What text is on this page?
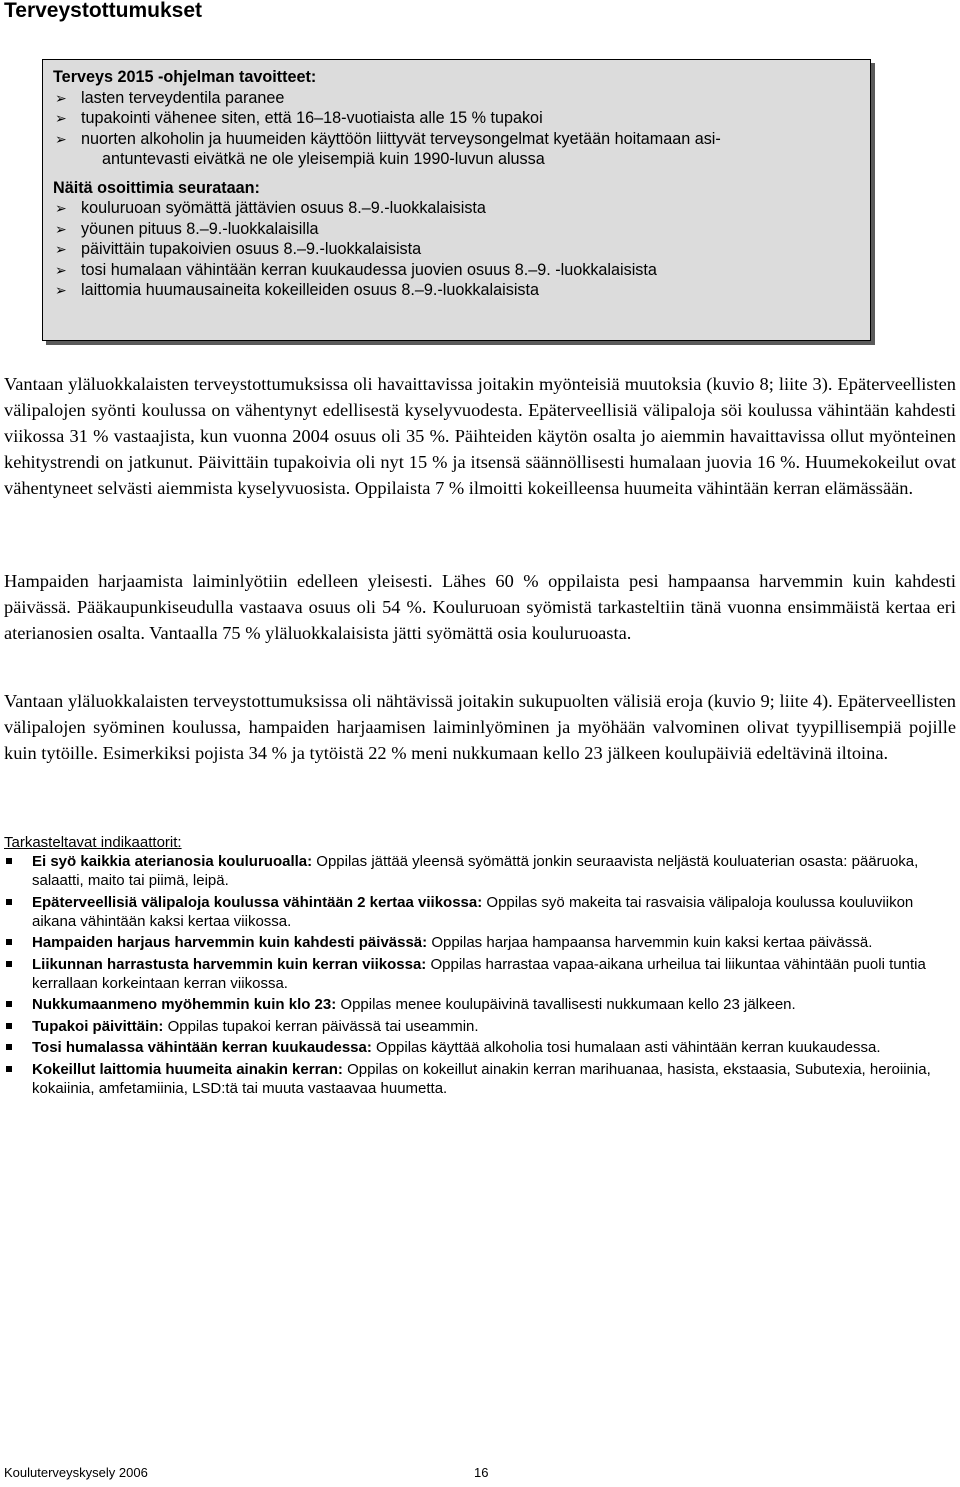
Terveystottumukset

Terveys 2015 -ohjelman tavoitteet:

➢ lasten terveydentila paranee
➢ tupakointi vähenee siten, että 16–18-vuotiaista alle 15 % tupakoi
➢ nuorten alkoholin ja huumeiden käyttöön liittyvät terveysongelmat kyetään hoitamaan asi-
antuntevasti eivätkä ne ole yleisempiä kuin 1990-luvun alussa

Näitä osoittimia seurataan:

➢ kouluruoan syömättä jättävien osuus 8.–9.-luokkalaisista
➢ yöunen pituus 8.–9.-luokkalaisilla
➢ päivittäin tupakoivien osuus 8.–9.-luokkalaisista
➢ tosi humalaan vähintään kerran kuukaudessa juovien osuus 8.–9. -luokkalaisista
➢ laittomia huumausaineita kokeilleiden osuus 8.–9.-luokkalaisista

Vantaan yläluokkalaisten terveystottumuksissa oli havaittavissa joitakin myönteisiä muutoksia (kuvio 8; liite 3). Epäterveellisten välipalojen syönti koulussa on vähentynyt edellisestä kyselyvuodesta. Epäterveellisiä välipaloja söi koulussa vähintään kahdesti viikossa 31 % vastaajista, kun vuonna 2004 osuus oli 35 %. Päihteiden käytön osalta jo aiemmin havaittavissa ollut myönteinen kehitystrendi on jatkunut. Päivittäin tupakoivia oli nyt 15 % ja itsensä säännöllisesti humalaan juovia 16 %. Huumekokeilut ovat vähentyneet selvästi aiemmista kyselyvuosista. Oppilaista 7 % ilmoitti kokeilleensa huumeita vähintään kerran elämässään.

Hampaiden harjaamista laiminlyötiin edelleen yleisesti. Lähes 60 % oppilaista pesi hampaansa harvemmin kuin kahdesti päivässä. Pääkaupunkiseudulla vastaava osuus oli 54 %. Kouluruoan syömistä tarkasteltiin tänä vuonna ensimmäistä kertaa eri aterianosien osalta. Vantaalla 75 % yläluokkalaisista jätti syömättä osia kouluruoasta.

Vantaan yläluokkalaisten terveystottumuksissa oli nähtävissä joitakin sukupuolten välisiä eroja (kuvio 9; liite 4). Epäterveellisten välipalojen syöminen koulussa, hampaiden harjaamisen laiminlyöminen ja myöhään valvominen olivat tyypillisempiä pojille kuin tytöille. Esimerkiksi pojista 34 % ja tytöistä 22 % meni nukkumaan kello 23 jälkeen koulupäiviä edeltävinä iltoina.

Tarkasteltavat indikaattorit:

Ei syö kaikkia aterianosia kouluruoalla: Oppilas jättää yleensä syömättä jonkin seuraavista neljästä kouluaterian osasta: pääruoka, salaatti, maito tai piimä, leipä.
Epäterveellisiä välipaloja koulussa vähintään 2 kertaa viikossa: Oppilas syö makeita tai rasvaisia välipaloja koulussa kouluviikon aikana vähintään kaksi kertaa viikossa.
Hampaiden harjaus harvemmin kuin kahdesti päivässä: Oppilas harjaa hampaansa harvemmin kuin kaksi kertaa päivässä.
Liikunnan harrastusta harvemmin kuin kerran viikossa: Oppilas harrastaa vapaa-aikana urheilua tai liikuntaa vähintään puoli tuntia kerrallaan korkeintaan kerran viikossa.
Nukkumaanmeno myöhemmin kuin klo 23: Oppilas menee koulupäivinä tavallisesti nukkumaan kello 23 jälkeen.
Tupakoi päivittäin: Oppilas tupakoi kerran päivässä tai useammin.
Tosi humalassa vähintään kerran kuukaudessa: Oppilas käyttää alkoholia tosi humalaan asti vähintään kerran kuukaudessa.
Kokeillut laittomia huumeita ainakin kerran: Oppilas on kokeillut ainakin kerran marihuanaa, hasista, ekstaasia, Subutexia, heroiinia, kokaiinia, amfetamiinia, LSD:tä tai muuta vastaavaa huumetta.

Kouluterveyskysely 2006	16
